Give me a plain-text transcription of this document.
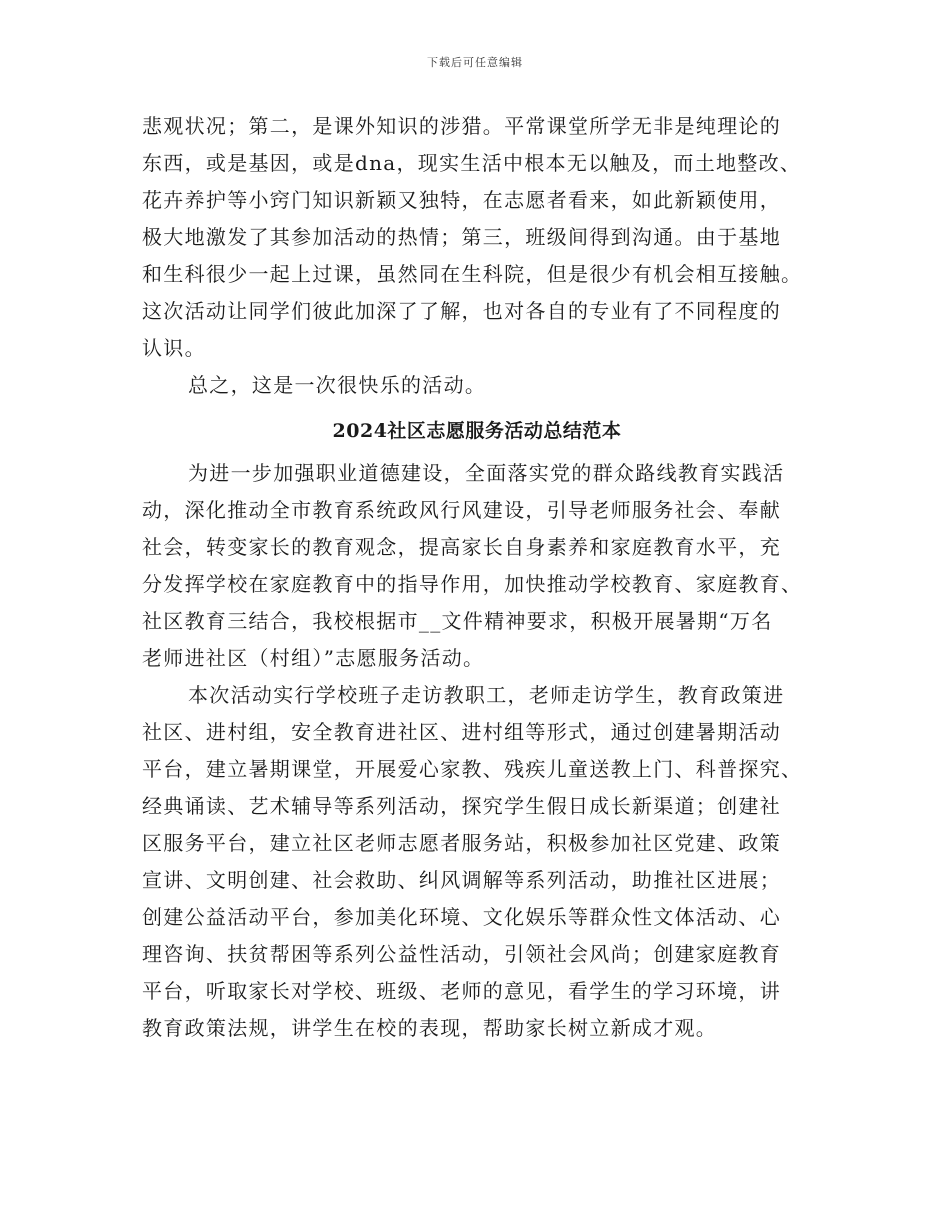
下载后可任意编辑
悲观状况；第二，是课外知识的涉猎。平常课堂所学无非是纯理论的
东西，或是基因，或是dna，现实生活中根本无以触及，而土地整改、
花卉养护等小窍门知识新颖又独特，在志愿者看来，如此新颖使用，
极大地激发了其参加活动的热情；第三，班级间得到沟通。由于基地
和生科很少一起上过课，虽然同在生科院，但是很少有机会相互接触。
这次活动让同学们彼此加深了了解，也对各自的专业有了不同程度的
认识。
总之，这是一次很快乐的活动。
2024社区志愿服务活动总结范本
为进一步加强职业道德建设，全面落实党的群众路线教育实践活
动，深化推动全市教育系统政风行风建设，引导老师服务社会、奉献
社会，转变家长的教育观念，提高家长自身素养和家庭教育水平，充
分发挥学校在家庭教育中的指导作用，加快推动学校教育、家庭教育、
社区教育三结合，我校根据市__文件精神要求，积极开展暑期“万名
老师进社区（村组）”志愿服务活动。
本次活动实行学校班子走访教职工，老师走访学生，教育政策进
社区、进村组，安全教育进社区、进村组等形式，通过创建暑期活动
平台，建立暑期课堂，开展爱心家教、残疾儿童送教上门、科普探究、
经典诵读、艺术辅导等系列活动，探究学生假日成长新渠道；创建社
区服务平台，建立社区老师志愿者服务站，积极参加社区党建、政策
宣讲、文明创建、社会救助、纠风调解等系列活动，助推社区进展；
创建公益活动平台，参加美化环境、文化娱乐等群众性文体活动、心
理咨询、扶贫帮困等系列公益性活动，引领社会风尚；创建家庭教育
平台，听取家长对学校、班级、老师的意见，看学生的学习环境，讲
教育政策法规，讲学生在校的表现，帮助家长树立新成才观。
